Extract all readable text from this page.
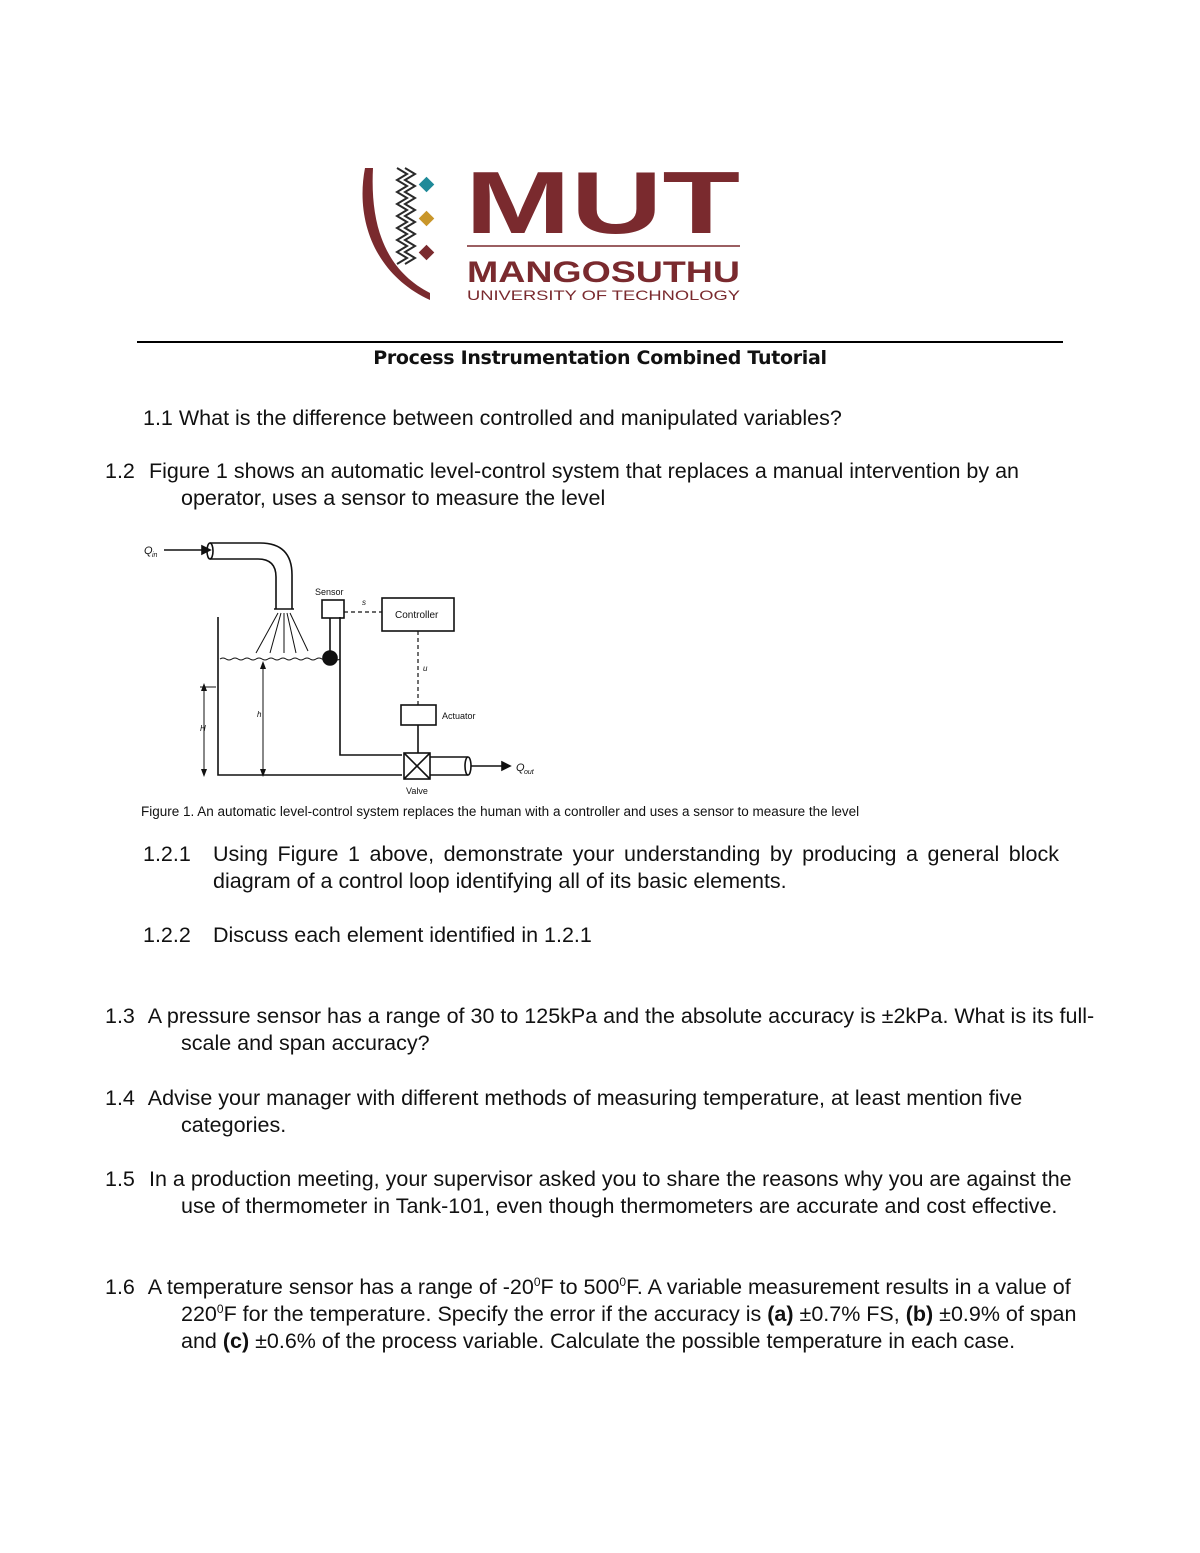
MUT
MANGOSUTHU
UNIVERSITY OF TECHNOLOGY
Process Instrumentation Combined Tutorial
1.1 What is the difference between controlled and manipulated variables?
1.2 Figure 1 shows an automatic level-control system that replaces a manual intervention by an operator, uses a sensor to measure the level
Q in
Sensor
s
Controller
u
Actuator
Valve
Q out
h
H
Figure 1. An automatic level-control system replaces the human with a controller and uses a sensor to measure the level
1.2.1	Using Figure 1 above, demonstrate your understanding by producing a general block diagram of a control loop identifying all of its basic elements.
1.2.2	Discuss each element identified in 1.2.1
1.3 A pressure sensor has a range of 30 to 125kPa and the absolute accuracy is ±2kPa. What is its full-scale and span accuracy?
1.4 Advise your manager with different methods of measuring temperature, at least mention five categories.
1.5 In a production meeting, your supervisor asked you to share the reasons why you are against the use of thermometer in Tank-101, even though thermometers are accurate and cost effective.
1.6 A temperature sensor has a range of $-20^0F$ to $500^0F$. A variable measurement results in a value of $220^0F$ for the temperature. Specify the error if the accuracy is (a) ±0.7% FS, (b) ±0.9% of span and (c) ±0.6% of the process variable. Calculate the possible temperature in each case.
